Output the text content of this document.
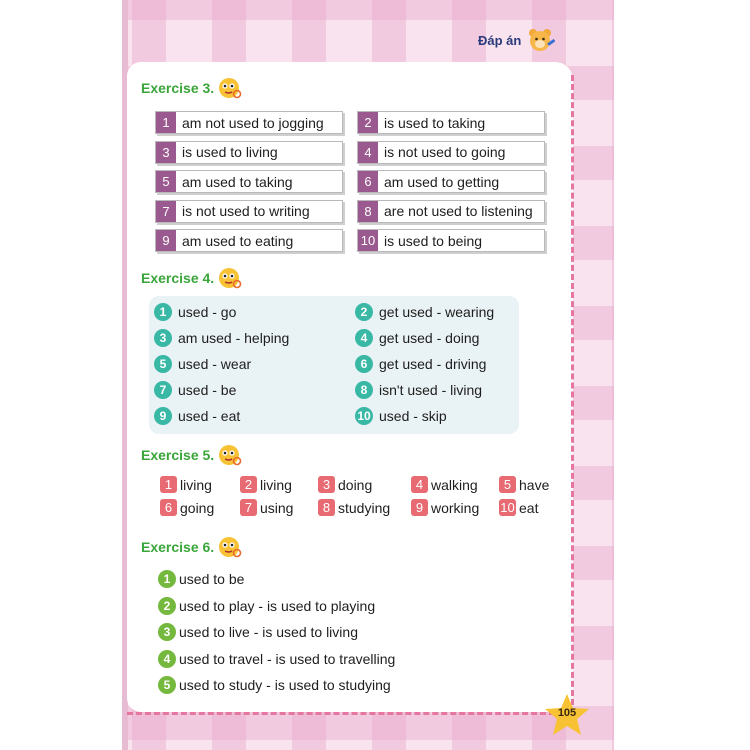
Đáp án
105
Exercise 3.
1 am not used to jogging	2 is used to taking
3 is used to living	4 is not used to going
5 am used to taking	6 am used to getting
7 is not used to writing	8 are not used to listening
9 am used to eating	10 is used to being
Exercise 4.
1 used - go	2 get used - wearing
3 am used - helping	4 get used - doing
5 used - wear	6 get used - driving
7 used - be	8 isn't used - living
9 used - eat	10 used - skip
Exercise 5.
1 living	2 living	3 doing	4 walking	5 have
6 going	7 using	8 studying	9 working 10 eat
Exercise 6.
1 used to be
2 used to play - is used to playing
3 used to live - is used to living
4 used to travel - is used to travelling
5 used to study - is used to studying
